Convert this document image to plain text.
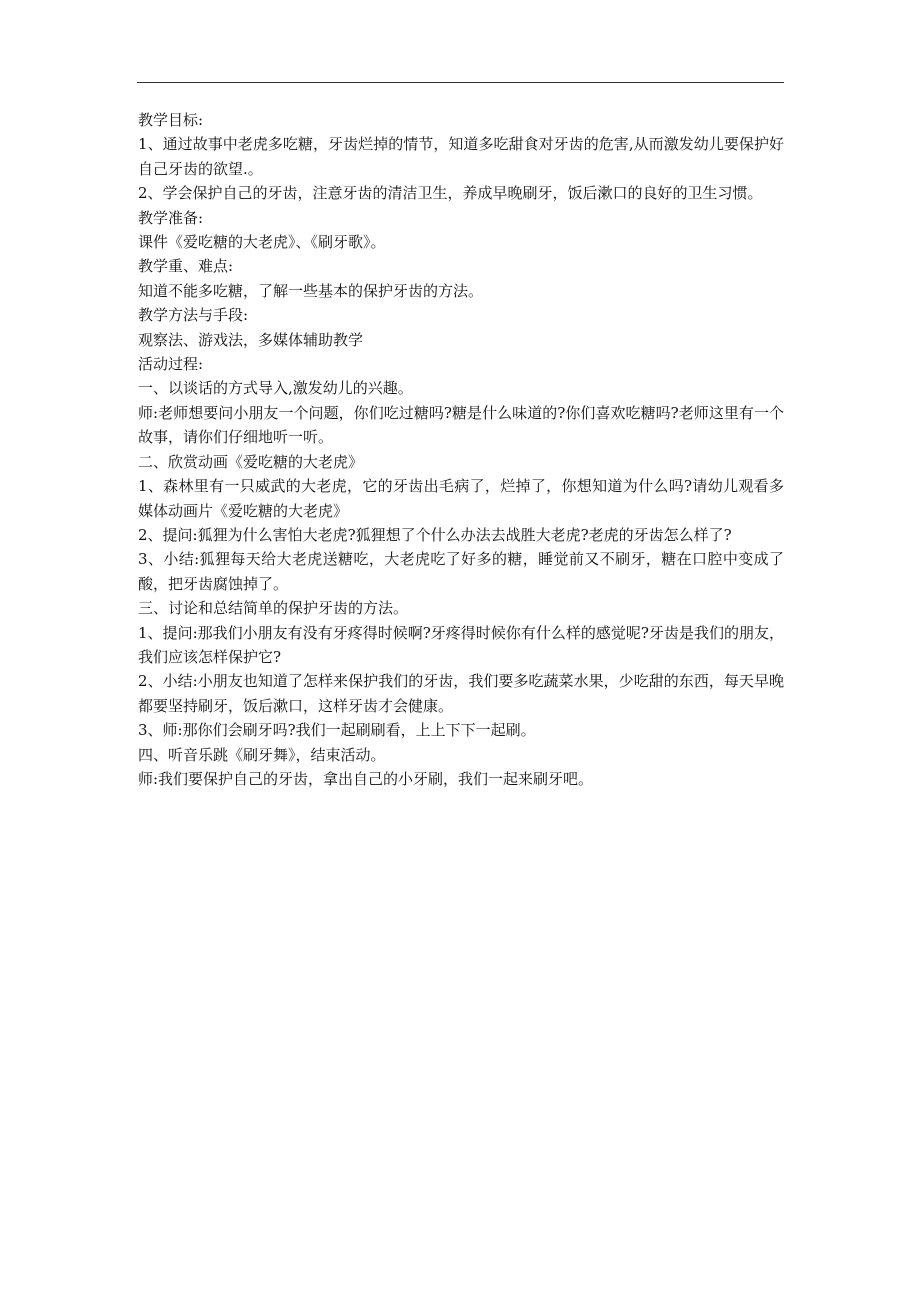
教学目标:

1、通过故事中老虎多吃糖，牙齿烂掉的情节，知道多吃甜食对牙齿的危害,从而激发幼儿要保护好自己牙齿的欲望.。

2、学会保护自己的牙齿，注意牙齿的清洁卫生，养成早晚刷牙，饭后漱口的良好的卫生习惯。

教学准备:

课件《爱吃糖的大老虎》、《刷牙歌》。

教学重、难点:

知道不能多吃糖，了解一些基本的保护牙齿的方法。

教学方法与手段:

观察法、游戏法，多媒体辅助教学

活动过程:

一、以谈话的方式导入,激发幼儿的兴趣。

师:老师想要问小朋友一个问题，你们吃过糖吗?糖是什么味道的?你们喜欢吃糖吗?老师这里有一个故事，请你们仔细地听一听。

二、欣赏动画《爱吃糖的大老虎》

1、森林里有一只威武的大老虎，它的牙齿出毛病了，烂掉了，你想知道为什么吗?请幼儿观看多媒体动画片《爱吃糖的大老虎》

2、提问:狐狸为什么害怕大老虎?狐狸想了个什么办法去战胜大老虎?老虎的牙齿怎么样了?

3、小结:狐狸每天给大老虎送糖吃，大老虎吃了好多的糖，睡觉前又不刷牙，糖在口腔中变成了酸，把牙齿腐蚀掉了。

三、讨论和总结简单的保护牙齿的方法。

1、提问:那我们小朋友有没有牙疼得时候啊?牙疼得时候你有什么样的感觉呢?牙齿是我们的朋友，我们应该怎样保护它?

2、小结:小朋友也知道了怎样来保护我们的牙齿，我们要多吃蔬菜水果，少吃甜的东西，每天早晚都要坚持刷牙，饭后漱口，这样牙齿才会健康。

3、师:那你们会刷牙吗?我们一起刷刷看，上上下下一起刷。

四、听音乐跳《刷牙舞》，结束活动。

师:我们要保护自己的牙齿，拿出自己的小牙刷，我们一起来刷牙吧。
